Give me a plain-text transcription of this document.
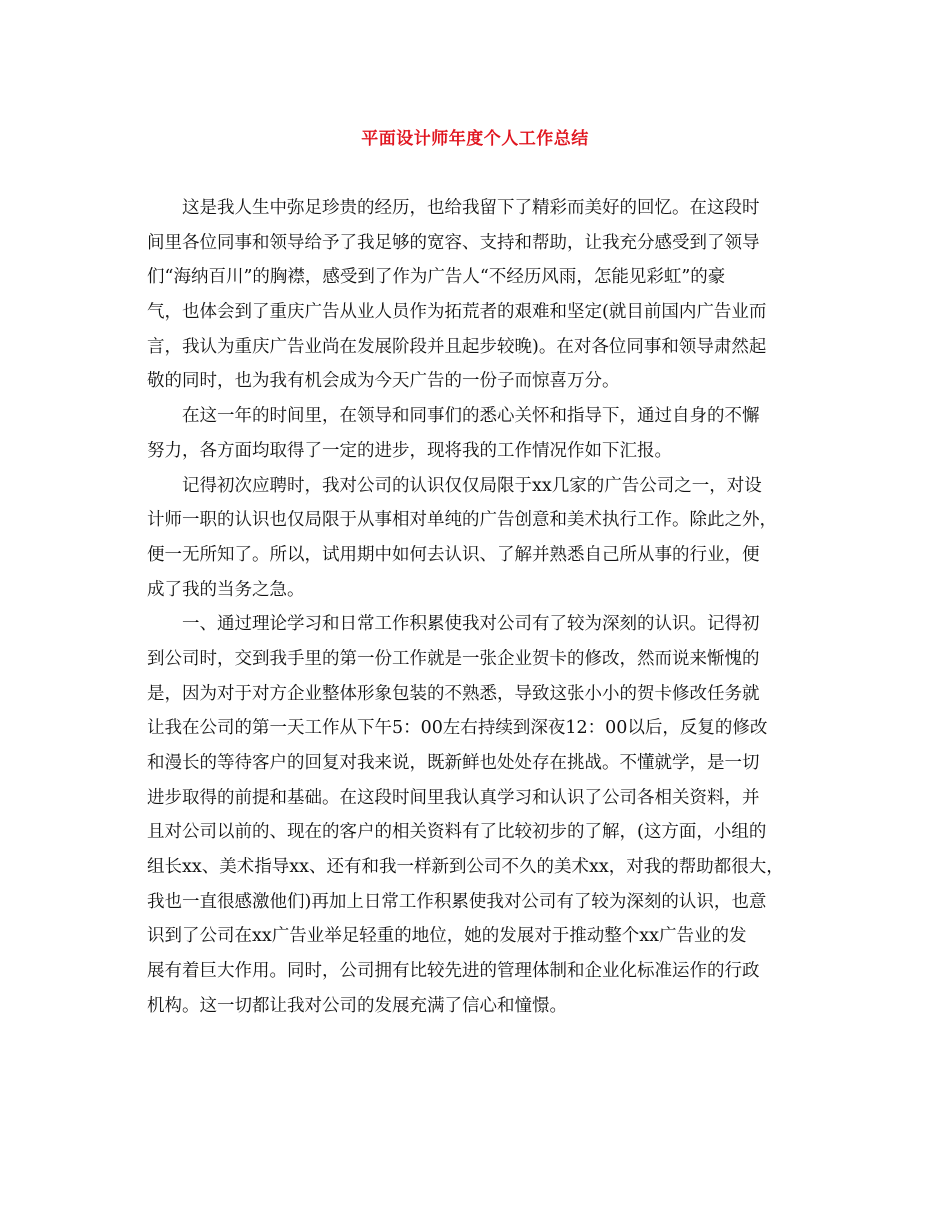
平面设计师年度个人工作总结
这是我人生中弥足珍贵的经历，也给我留下了精彩而美好的回忆。在这段时
间里各位同事和领导给予了我足够的宽容、支持和帮助，让我充分感受到了领导
们“海纳百川”的胸襟，感受到了作为广告人“不经历风雨，怎能见彩虹”的豪
气，也体会到了重庆广告从业人员作为拓荒者的艰难和坚定(就目前国内广告业而
言，我认为重庆广告业尚在发展阶段并且起步较晚)。在对各位同事和领导肃然起
敬的同时，也为我有机会成为今天广告的一份子而惊喜万分。
在这一年的时间里，在领导和同事们的悉心关怀和指导下，通过自身的不懈
努力，各方面均取得了一定的进步，现将我的工作情况作如下汇报。
记得初次应聘时，我对公司的认识仅仅局限于xx几家的广告公司之一，对设
计师一职的认识也仅局限于从事相对单纯的广告创意和美术执行工作。除此之外，
便一无所知了。所以，试用期中如何去认识、了解并熟悉自己所从事的行业，便
成了我的当务之急。
一、通过理论学习和日常工作积累使我对公司有了较为深刻的认识。记得初
到公司时，交到我手里的第一份工作就是一张企业贺卡的修改，然而说来惭愧的
是，因为对于对方企业整体形象包装的不熟悉，导致这张小小的贺卡修改任务就
让我在公司的第一天工作从下午5：00左右持续到深夜12：00以后，反复的修改
和漫长的等待客户的回复对我来说，既新鲜也处处存在挑战。不懂就学，是一切
进步取得的前提和基础。在这段时间里我认真学习和认识了公司各相关资料，并
且对公司以前的、现在的客户的相关资料有了比较初步的了解，(这方面，小组的
组长xx、美术指导xx、还有和我一样新到公司不久的美术xx，对我的帮助都很大，
我也一直很感激他们)再加上日常工作积累使我对公司有了较为深刻的认识，也意
识到了公司在xx广告业举足轻重的地位，她的发展对于推动整个xx广告业的发
展有着巨大作用。同时，公司拥有比较先进的管理体制和企业化标准运作的行政
机构。这一切都让我对公司的发展充满了信心和憧憬。
